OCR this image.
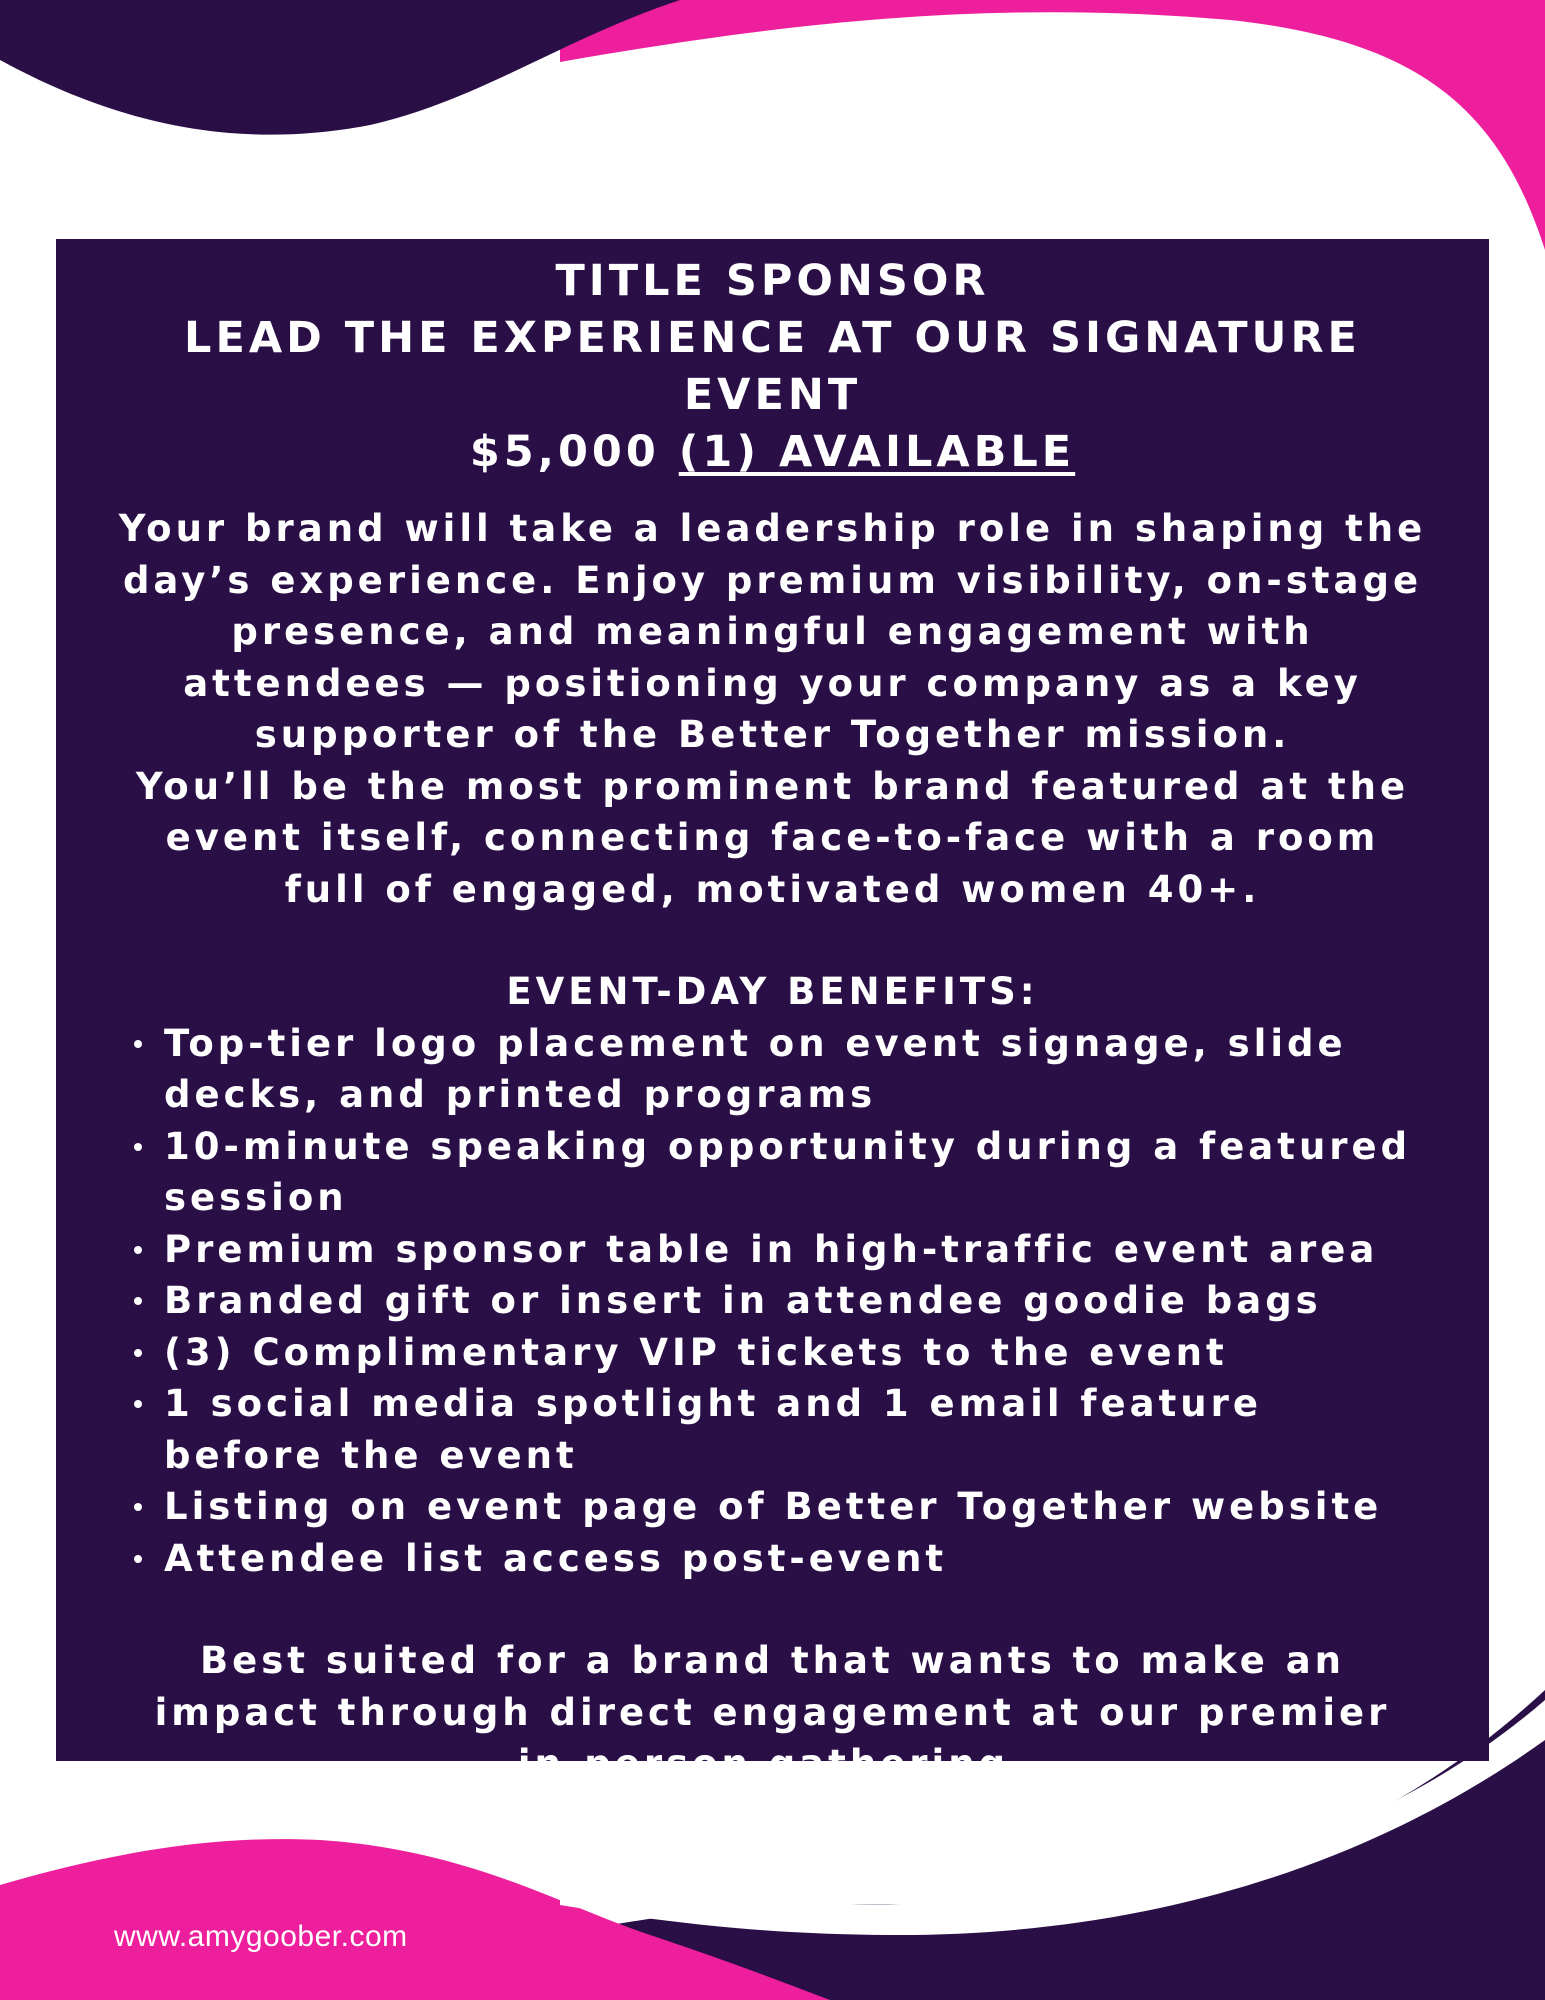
TITLE SPONSOR
LEAD THE EXPERIENCE AT OUR SIGNATURE EVENT
$5,000 (1) AVAILABLE
Your brand will take a leadership role in shaping the day’s experience. Enjoy premium visibility, on-stage presence, and meaningful engagement with attendees — positioning your company as a key supporter of the Better Together mission.
You’ll be the most prominent brand featured at the event itself, connecting face-to-face with a room full of engaged, motivated women 40+.
EVENT-DAY BENEFITS:
Top-tier logo placement on event signage, slide decks, and printed programs
10-minute speaking opportunity during a featured session
Premium sponsor table in high-traffic event area
Branded gift or insert in attendee goodie bags
(3) Complimentary VIP tickets to the event
1 social media spotlight and 1 email feature before the event
Listing on event page of Better Together website
Attendee list access post-event
Best suited for a brand that wants to make an impact through direct engagement at our premier in-person gathering.
www.amygoober.com
